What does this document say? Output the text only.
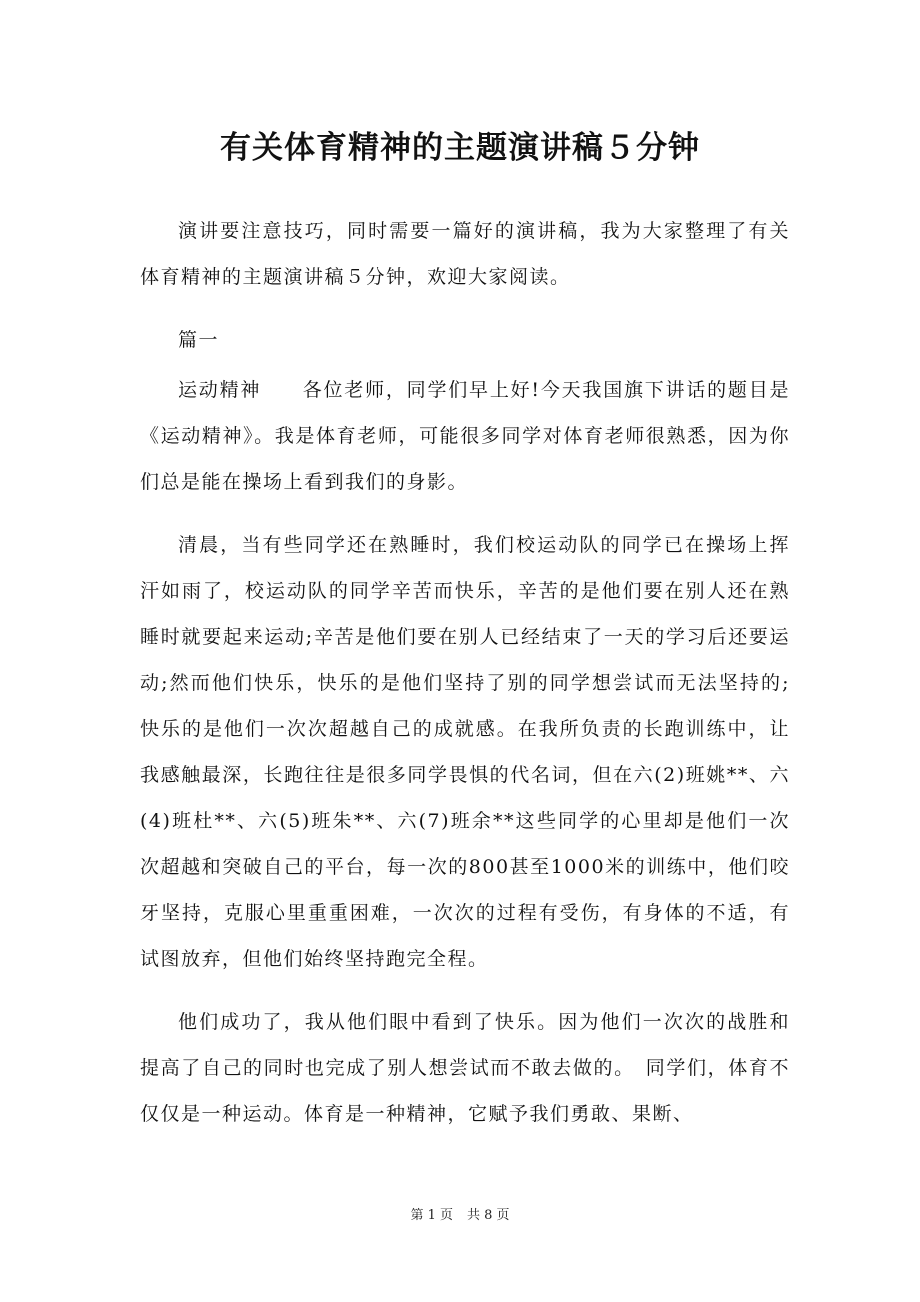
有关体育精神的主题演讲稿５分钟

演讲要注意技巧，同时需要一篇好的演讲稿，我为大家整理了有关体育精神的主题演讲稿５分钟，欢迎大家阅读。

篇一

运动精神　　各位老师，同学们早上好!今天我国旗下讲话的题目是《运动精神》。我是体育老师，可能很多同学对体育老师很熟悉，因为你们总是能在操场上看到我们的身影。

清晨，当有些同学还在熟睡时，我们校运动队的同学已在操场上挥汗如雨了，校运动队的同学辛苦而快乐，辛苦的是他们要在别人还在熟睡时就要起来运动;辛苦是他们要在别人已经结束了一天的学习后还要运动;然而他们快乐，快乐的是他们坚持了别的同学想尝试而无法坚持的;快乐的是他们一次次超越自己的成就感。在我所负责的长跑训练中，让我感触最深，长跑往往是很多同学畏惧的代名词，但在六(2)班姚**、六(4)班杜**、六(5)班朱**、六(7)班余**这些同学的心里却是他们一次次超越和突破自己的平台，每一次的800甚至1000米的训练中，他们咬牙坚持，克服心里重重困难，一次次的过程有受伤，有身体的不适，有试图放弃，但他们始终坚持跑完全程。

他们成功了，我从他们眼中看到了快乐。因为他们一次次的战胜和提高了自己的同时也完成了别人想尝试而不敢去做的。　同学们，体育不仅仅是一种运动。体育是一种精神，它赋予我们勇敢、果断、

第 1 页 共 8 页
